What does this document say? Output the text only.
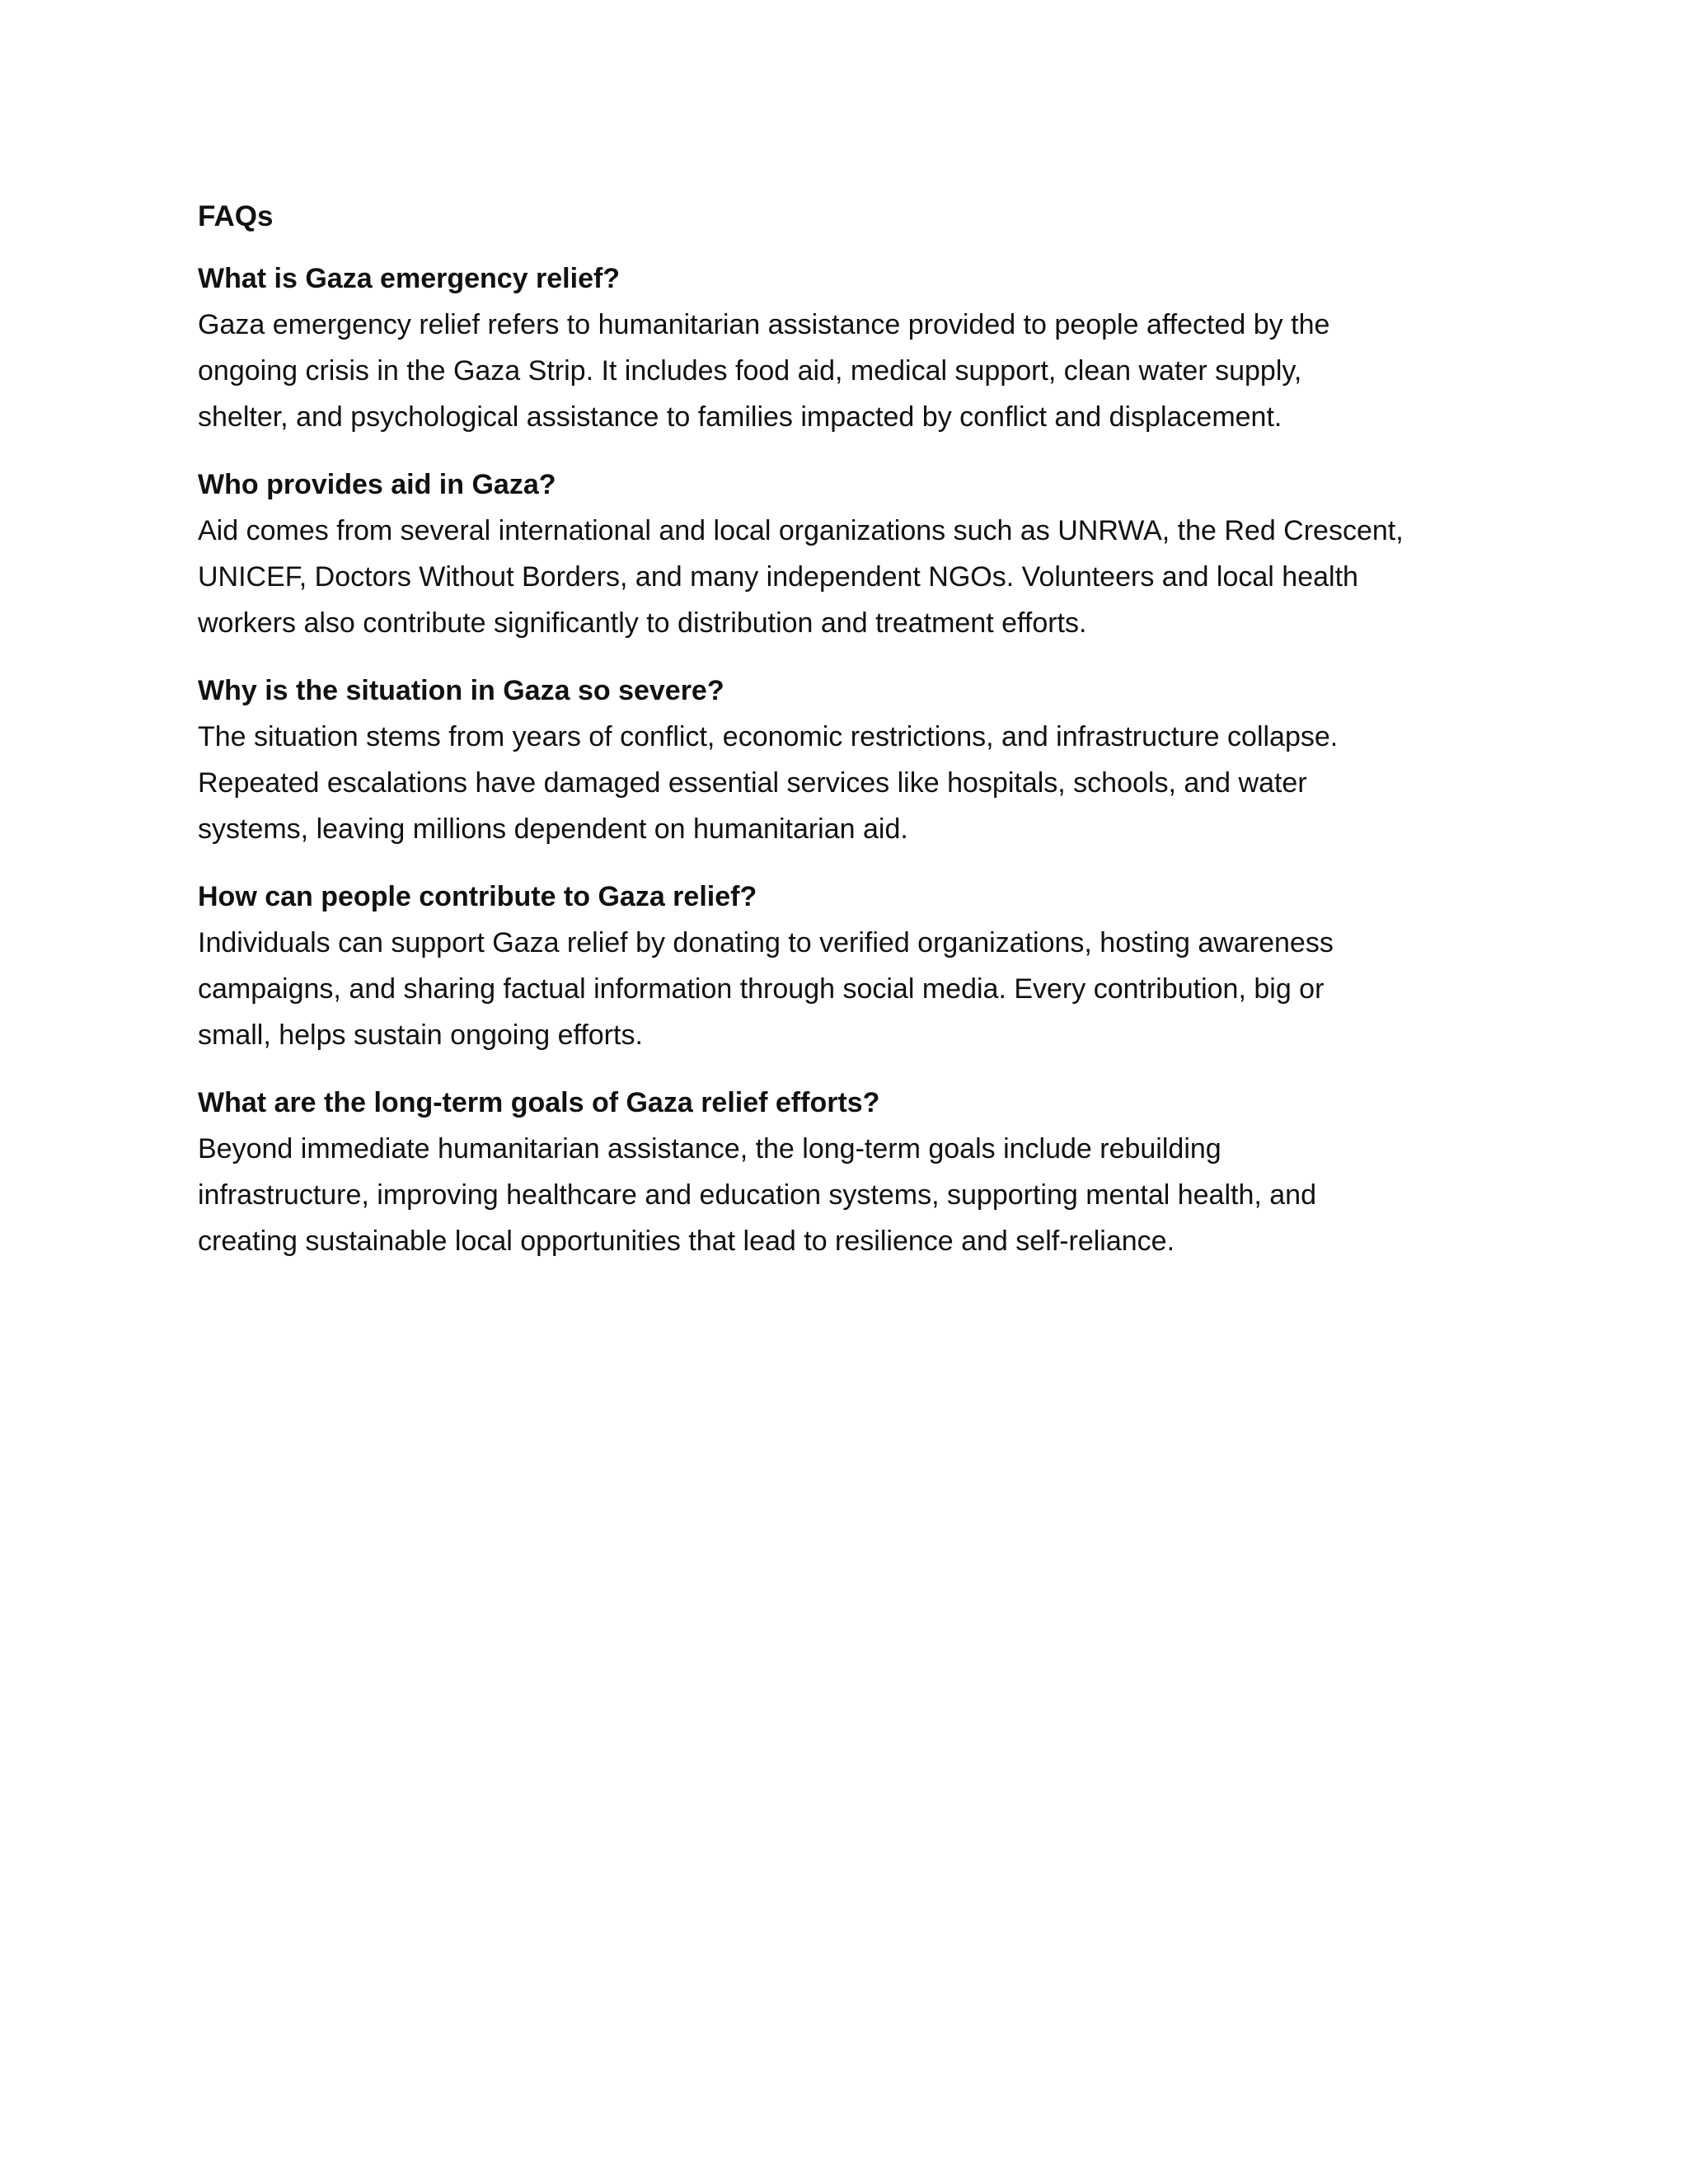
FAQs
What is Gaza emergency relief?

Gaza emergency relief refers to humanitarian assistance provided to people affected by the
ongoing crisis in the Gaza Strip. It includes food aid, medical support, clean water supply,
shelter, and psychological assistance to families impacted by conflict and displacement.

Who provides aid in Gaza?

Aid comes from several international and local organizations such as UNRWA, the Red Crescent,
UNICEF, Doctors Without Borders, and many independent NGOs. Volunteers and local health
workers also contribute significantly to distribution and treatment efforts.

Why is the situation in Gaza so severe?

The situation stems from years of conflict, economic restrictions, and infrastructure collapse.
Repeated escalations have damaged essential services like hospitals, schools, and water
systems, leaving millions dependent on humanitarian aid.

How can people contribute to Gaza relief?

Individuals can support Gaza relief by donating to verified organizations, hosting awareness
campaigns, and sharing factual information through social media. Every contribution, big or
small, helps sustain ongoing efforts.

What are the long-term goals of Gaza relief efforts?

Beyond immediate humanitarian assistance, the long-term goals include rebuilding
infrastructure, improving healthcare and education systems, supporting mental health, and
creating sustainable local opportunities that lead to resilience and self-reliance.
